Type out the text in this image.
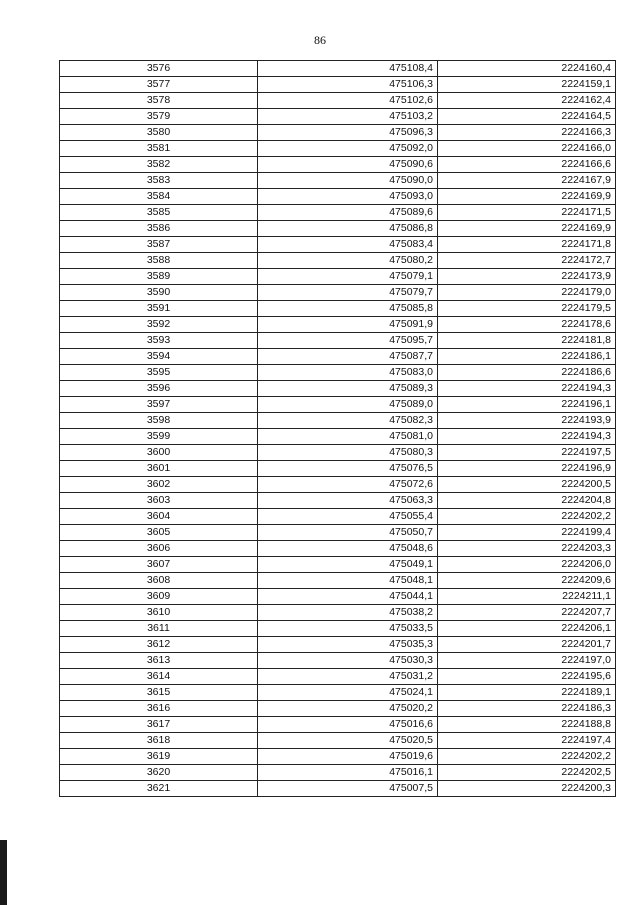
86
3576	475108,4	2224160,4
3577	475106,3	2224159,1
3578	475102,6	2224162,4
3579	475103,2	2224164,5
3580	475096,3	2224166,3
3581	475092,0	2224166,0
3582	475090,6	2224166,6
3583	475090,0	2224167,9
3584	475093,0	2224169,9
3585	475089,6	2224171,5
3586	475086,8	2224169,9
3587	475083,4	2224171,8
3588	475080,2	2224172,7
3589	475079,1	2224173,9
3590	475079,7	2224179,0
3591	475085,8	2224179,5
3592	475091,9	2224178,6
3593	475095,7	2224181,8
3594	475087,7	2224186,1
3595	475083,0	2224186,6
3596	475089,3	2224194,3
3597	475089,0	2224196,1
3598	475082,3	2224193,9
3599	475081,0	2224194,3
3600	475080,3	2224197,5
3601	475076,5	2224196,9
3602	475072,6	2224200,5
3603	475063,3	2224204,8
3604	475055,4	2224202,2
3605	475050,7	2224199,4
3606	475048,6	2224203,3
3607	475049,1	2224206,0
3608	475048,1	2224209,6
3609	475044,1	2224211,1
3610	475038,2	2224207,7
3611	475033,5	2224206,1
3612	475035,3	2224201,7
3613	475030,3	2224197,0
3614	475031,2	2224195,6
3615	475024,1	2224189,1
3616	475020,2	2224186,3
3617	475016,6	2224188,8
3618	475020,5	2224197,4
3619	475019,6	2224202,2
3620	475016,1	2224202,5
3621	475007,5	2224200,3
